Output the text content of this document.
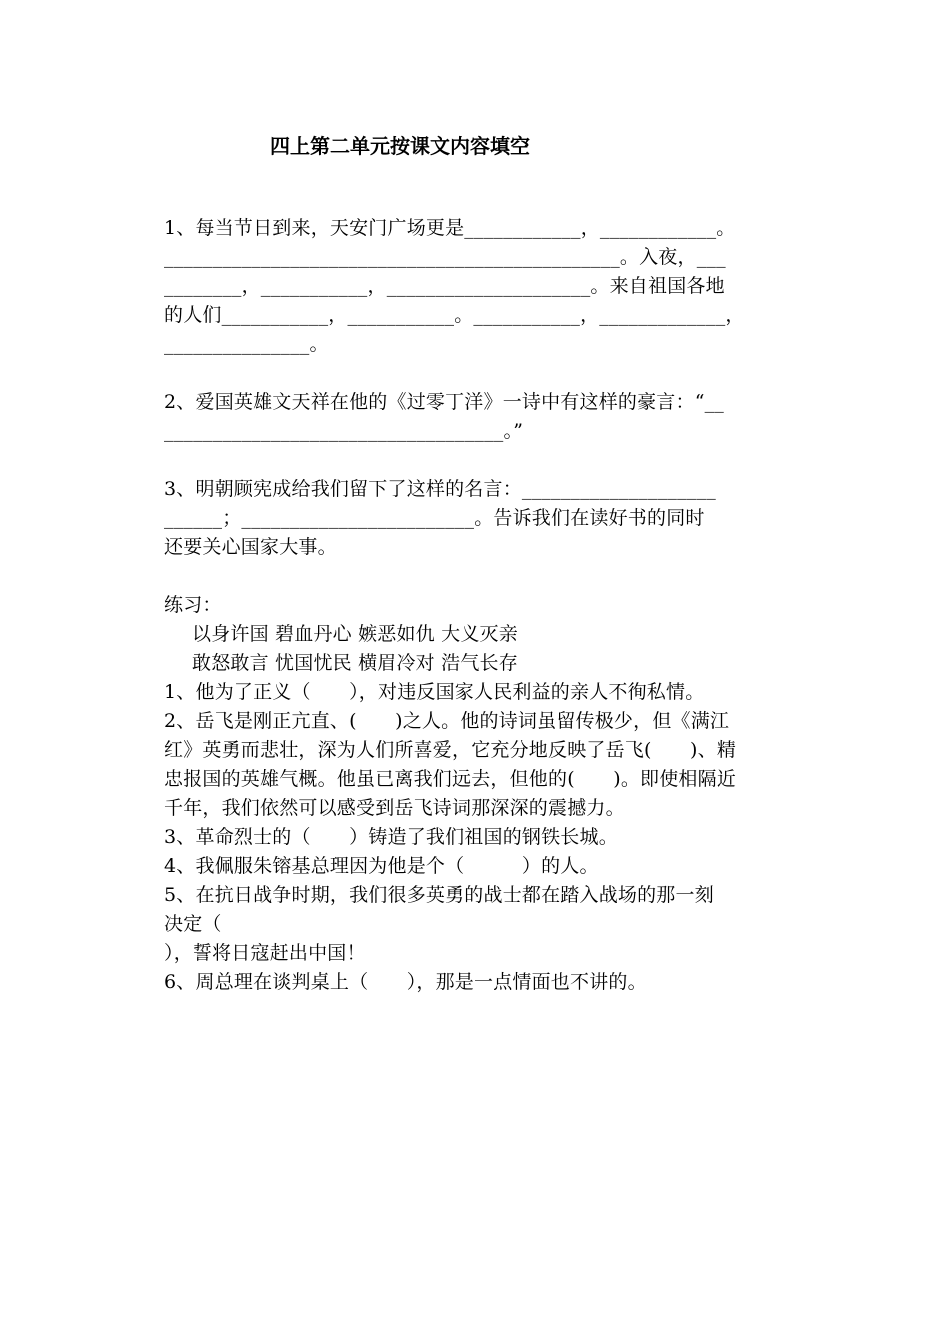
四上第二单元按课文内容填空
1、每当节日到来，天安门广场更是____________，____________。
_______________________________________________。入夜，___
________，___________，_____________________。来自祖国各地
的人们___________，___________。___________，_____________，
_______________。
2、爱国英雄文天祥在他的《过零丁洋》一诗中有这样的豪言：“__
___________________________________。”
3、明朝顾宪成给我们留下了这样的名言：____________________
______；________________________。告诉我们在读好书的同时
还要关心国家大事。
练习：
以身许国 碧血丹心 嫉恶如仇 大义灭亲
敢怒敢言 忧国忧民 横眉冷对 浩气长存
1、他为了正义（　　），对违反国家人民利益的亲人不徇私情。
2、岳飞是刚正亢直、(　　)之人。他的诗词虽留传极少，但《满江
红》英勇而悲壮，深为人们所喜爱，它充分地反映了岳飞(　　)、精
忠报国的英雄气概。他虽已离我们远去，但他的(　　)。即使相隔近
千年，我们依然可以感受到岳飞诗词那深深的震撼力。
3、革命烈士的（　　）铸造了我们祖国的钢铁长城。
4、我佩服朱镕基总理因为他是个（　　　）的人。
5、在抗日战争时期，我们很多英勇的战士都在踏入战场的那一刻
决定（
），誓将日寇赶出中国！
6、周总理在谈判桌上（　　），那是一点情面也不讲的。
